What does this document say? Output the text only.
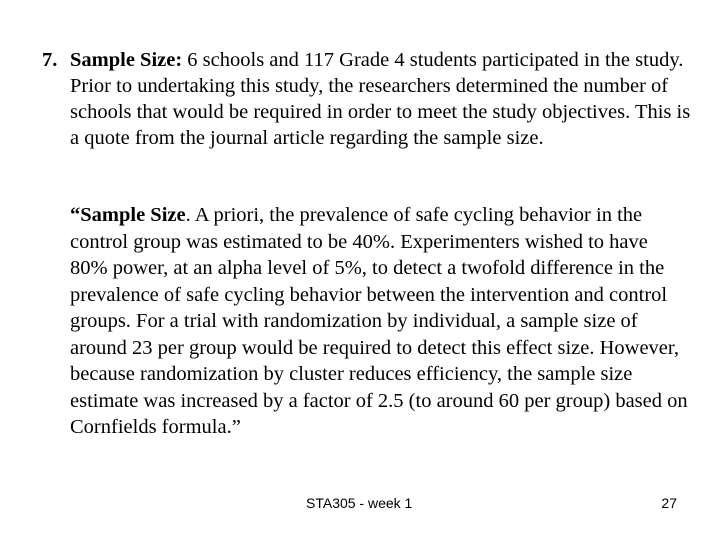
7. Sample Size: 6 schools and 117 Grade 4 students participated in the study. Prior to undertaking this study, the researchers determined the number of schools that would be required in order to meet the study objectives. This is a quote from the journal article regarding the sample size.
“Sample Size. A priori, the prevalence of safe cycling behavior in the control group was estimated to be 40%. Experimenters wished to have 80% power, at an alpha level of 5%, to detect a twofold difference in the prevalence of safe cycling behavior between the intervention and control groups. For a trial with randomization by individual, a sample size of around 23 per group would be required to detect this effect size. However, because randomization by cluster reduces efficiency, the sample size estimate was increased by a factor of 2.5 (to around 60 per group) based on Cornfields formula.”
STA305 - week 1	27
